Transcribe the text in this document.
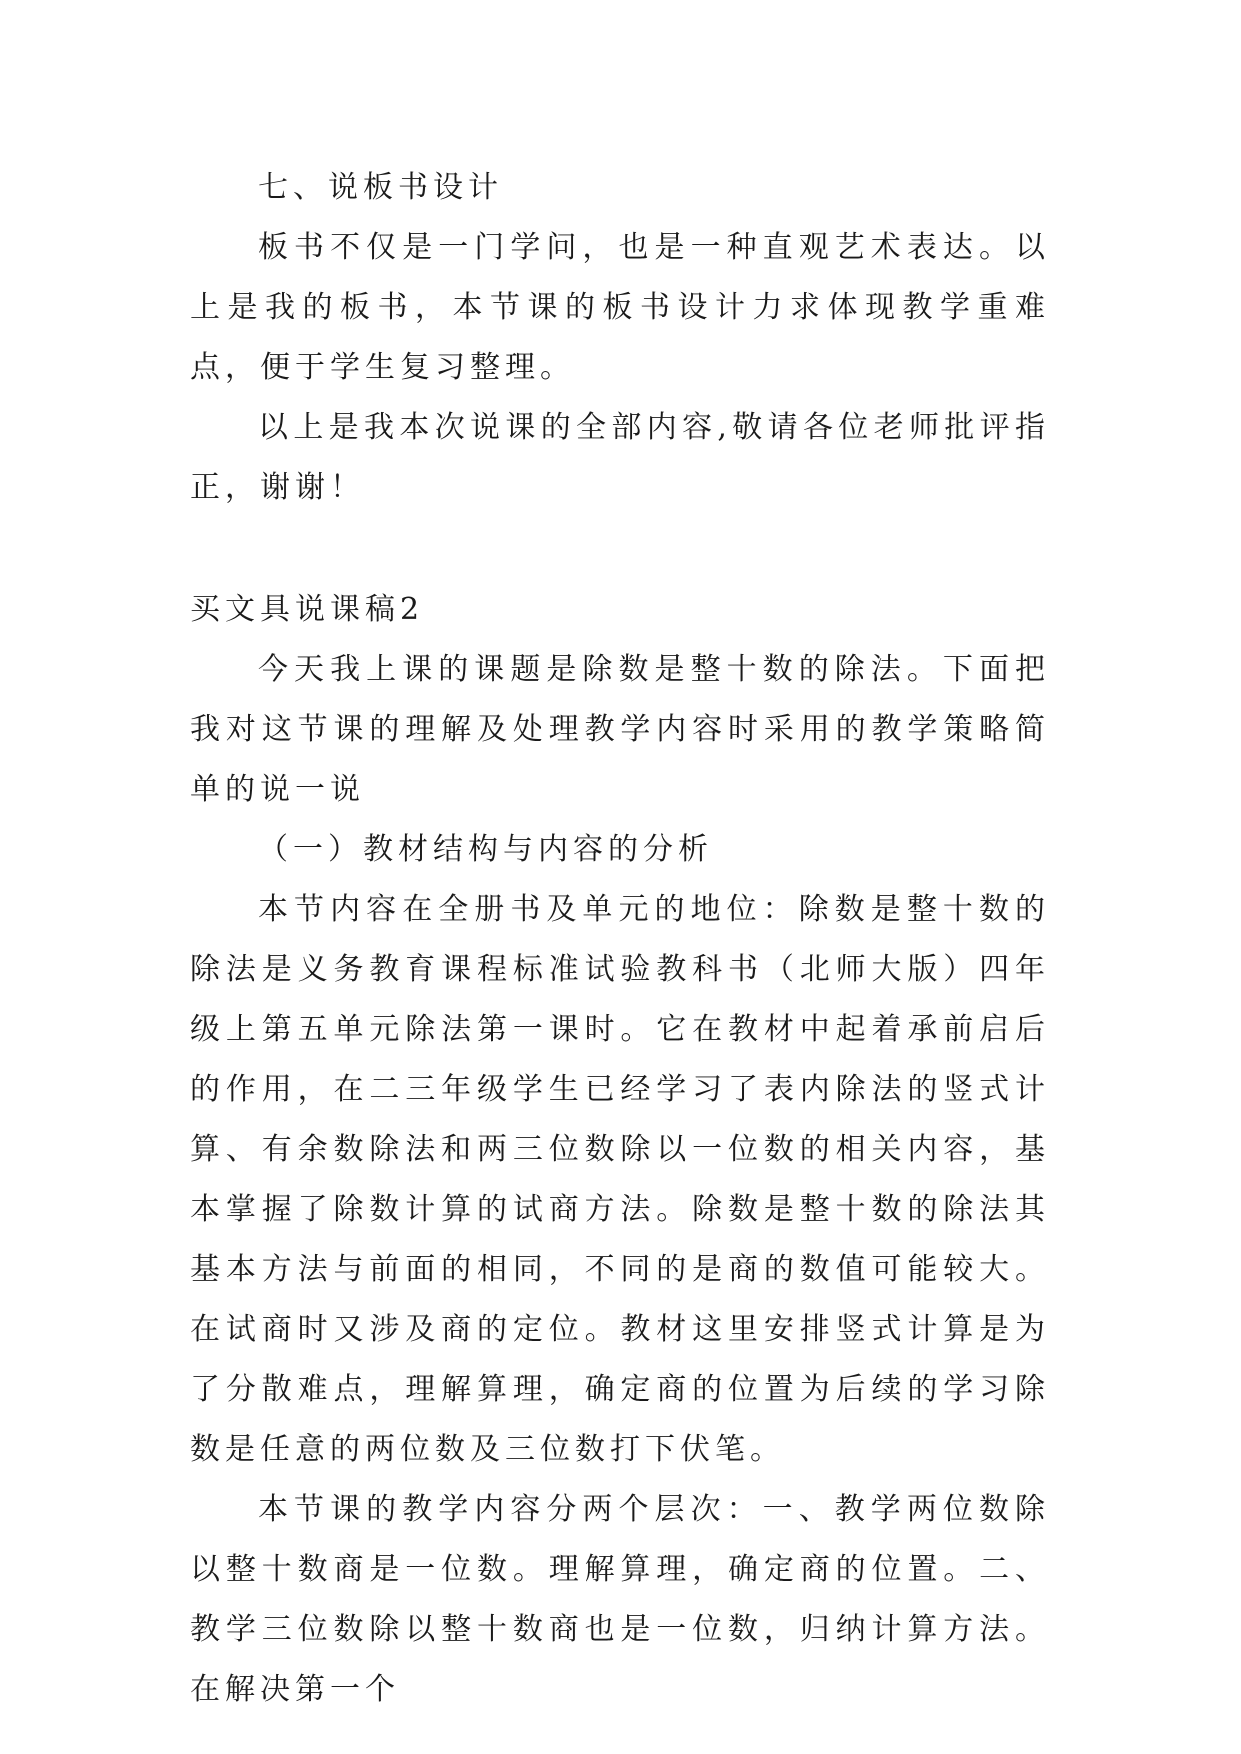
七、说板书设计

板书不仅是一门学问，也是一种直观艺术表达。以上是我的板书，本节课的板书设计力求体现教学重难点，便于学生复习整理。

以上是我本次说课的全部内容,敬请各位老师批评指正，谢谢！

买文具说课稿2

今天我上课的课题是除数是整十数的除法。下面把我对这节课的理解及处理教学内容时采用的教学策略简单的说一说

（一）教材结构与内容的分析

本节内容在全册书及单元的地位：除数是整十数的除法是义务教育课程标准试验教科书（北师大版）四年级上第五单元除法第一课时。它在教材中起着承前启后的作用，在二三年级学生已经学习了表内除法的竖式计算、有余数除法和两三位数除以一位数的相关内容，基本掌握了除数计算的试商方法。除数是整十数的除法其基本方法与前面的相同，不同的是商的数值可能较大。在试商时又涉及商的定位。教材这里安排竖式计算是为了分散难点，理解算理，确定商的位置为后续的学习除数是任意的两位数及三位数打下伏笔。

本节课的教学内容分两个层次：一、教学两位数除以整十数商是一位数。理解算理，确定商的位置。二、教学三位数除以整十数商也是一位数，归纳计算方法。在解决第一个
